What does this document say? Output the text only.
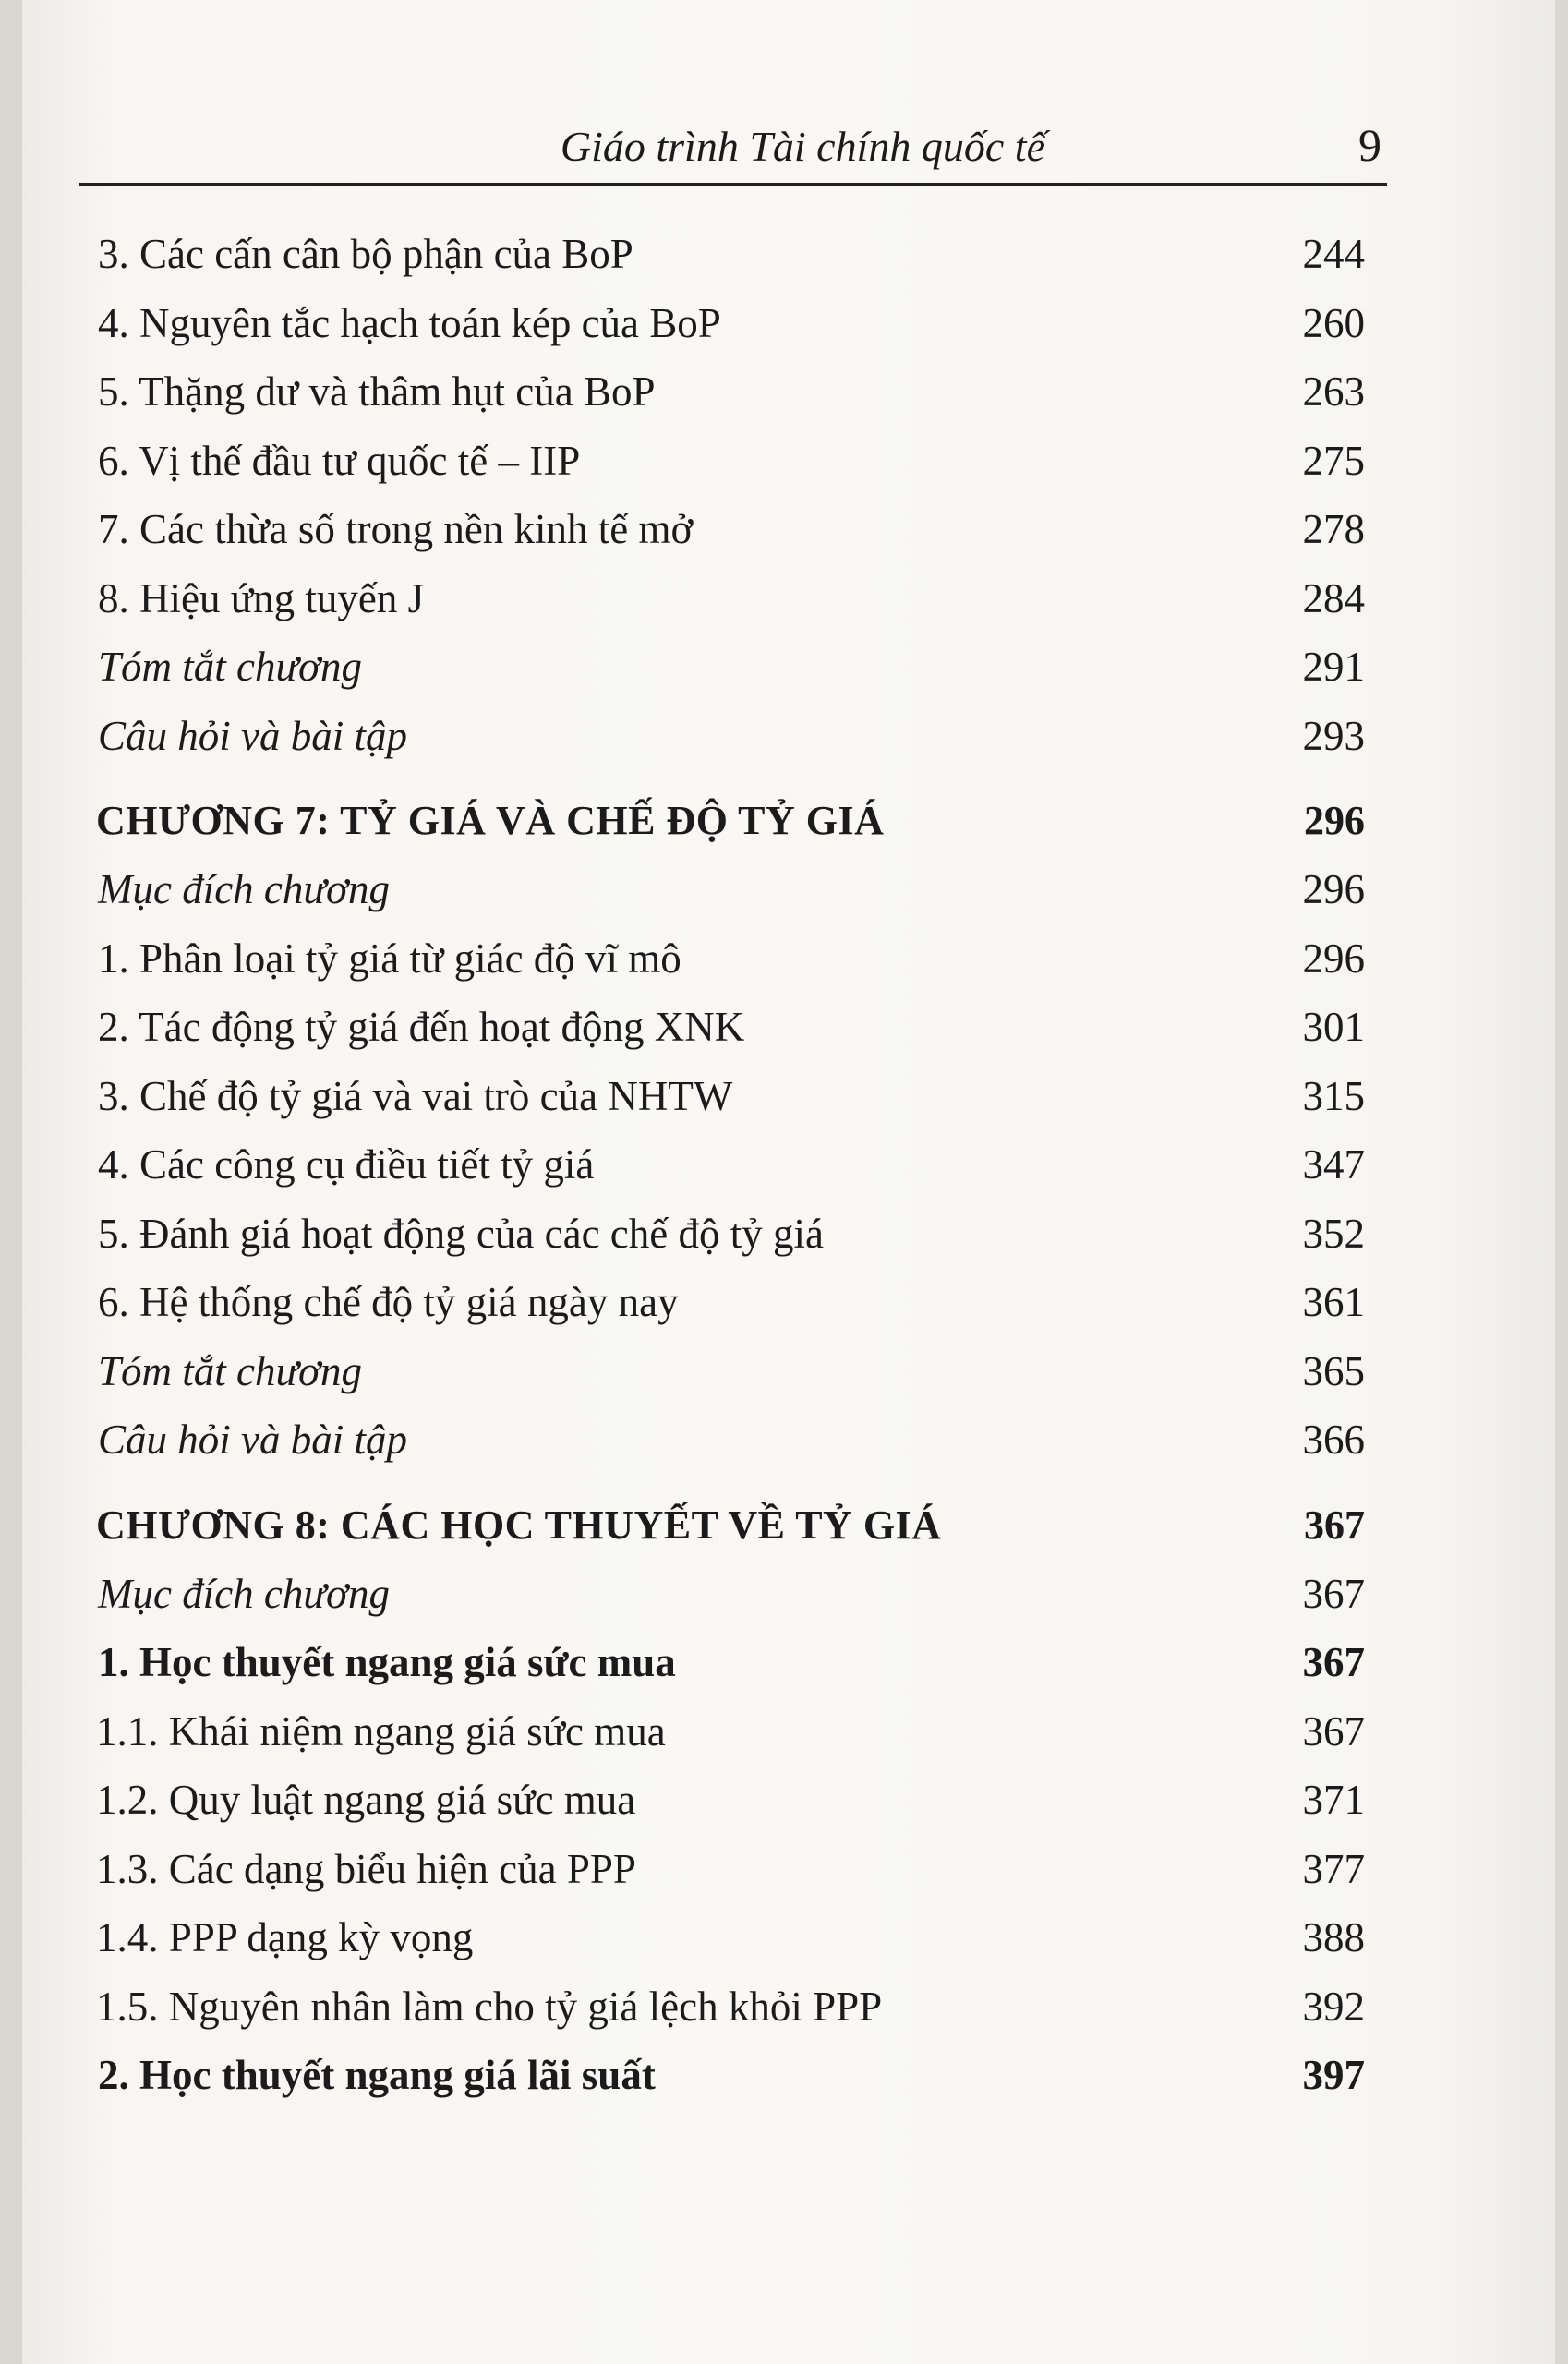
Giáo trình Tài chính quốc tế	9
3. Các cấn cân bộ phận của BoP	244
4. Nguyên tắc hạch toán kép của BoP	260
5. Thặng dư và thâm hụt của BoP	263
6. Vị thế đầu tư quốc tế – IIP	275
7. Các thừa số trong nền kinh tế mở	278
8. Hiệu ứng tuyến J	284
Tóm tắt chương	291
Câu hỏi và bài tập	293
CHƯƠNG 7: TỶ GIÁ VÀ CHẾ ĐỘ TỶ GIÁ	296
Mục đích chương	296
1. Phân loại tỷ giá từ giác độ vĩ mô	296
2. Tác động tỷ giá đến hoạt động XNK	301
3. Chế độ tỷ giá và vai trò của NHTW	315
4. Các công cụ điều tiết tỷ giá	347
5. Đánh giá hoạt động của các chế độ tỷ giá	352
6. Hệ thống chế độ tỷ giá ngày nay	361
Tóm tắt chương	365
Câu hỏi và bài tập	366
CHƯƠNG 8: CÁC HỌC THUYẾT VỀ TỶ GIÁ	367
Mục đích chương	367
1. Học thuyết ngang giá sức mua	367
1.1. Khái niệm ngang giá sức mua	367
1.2. Quy luật ngang giá sức mua	371
1.3. Các dạng biểu hiện của PPP	377
1.4. PPP dạng kỳ vọng	388
1.5. Nguyên nhân làm cho tỷ giá lệch khỏi PPP	392
2. Học thuyết ngang giá lãi suất	397
